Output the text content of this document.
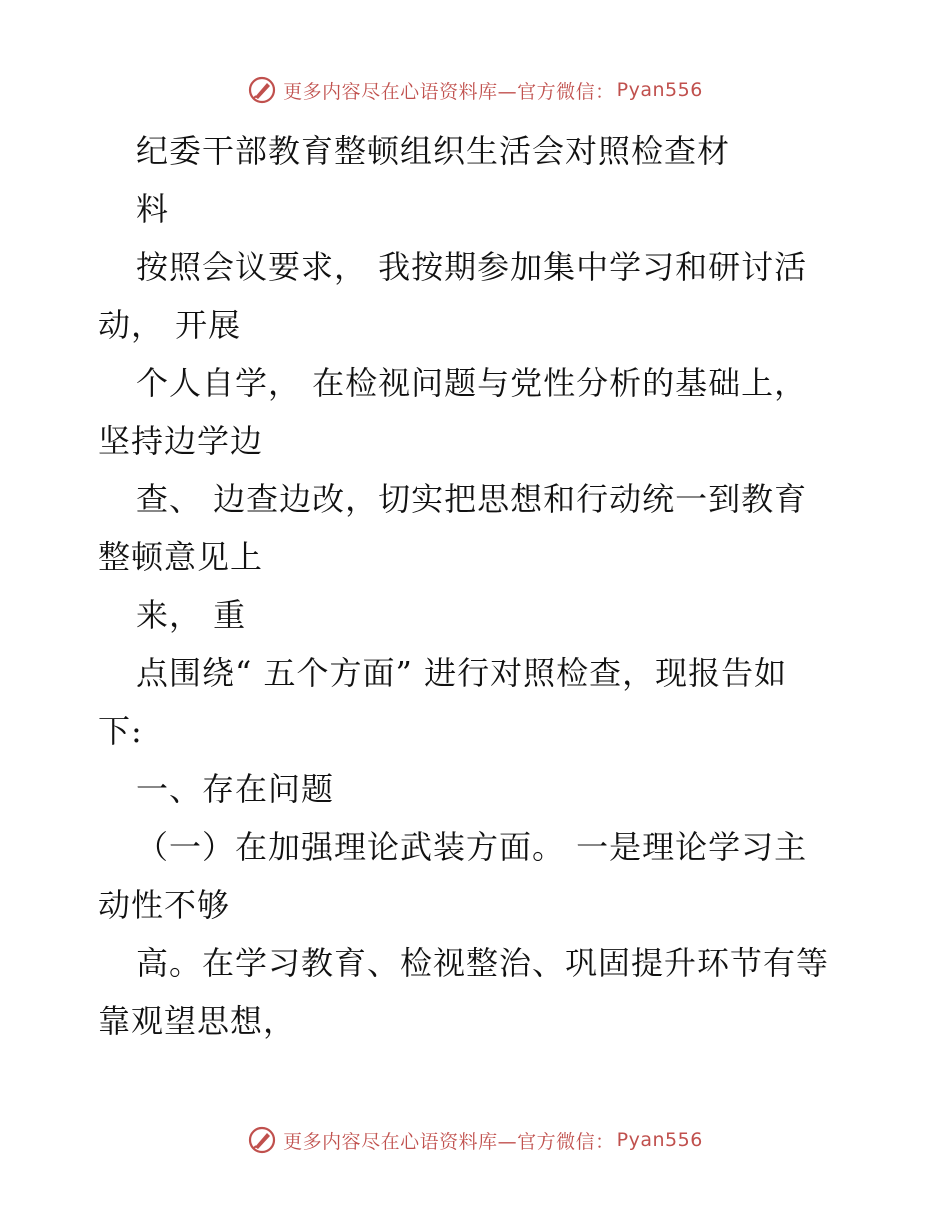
更多内容尽在心语资料库—官方微信： Pyan556
纪委干部教育整顿组织生活会对照检查材
料
按照会议要求， 我按期参加集中学习和研讨活
动， 开展
个人自学， 在检视问题与党性分析的基础上，
坚持边学边
查、 边查边改，切实把思想和行动统一到教育
整顿意见上
来， 重
点围绕“ 五个方面” 进行对照检查，现报告如
下:
一、存在问题
（一）在加强理论武装方面。 一是理论学习主
动性不够
高。在学习教育、检视整治、巩固提升环节有等
靠观望思想，
更多内容尽在心语资料库—官方微信： Pyan556
